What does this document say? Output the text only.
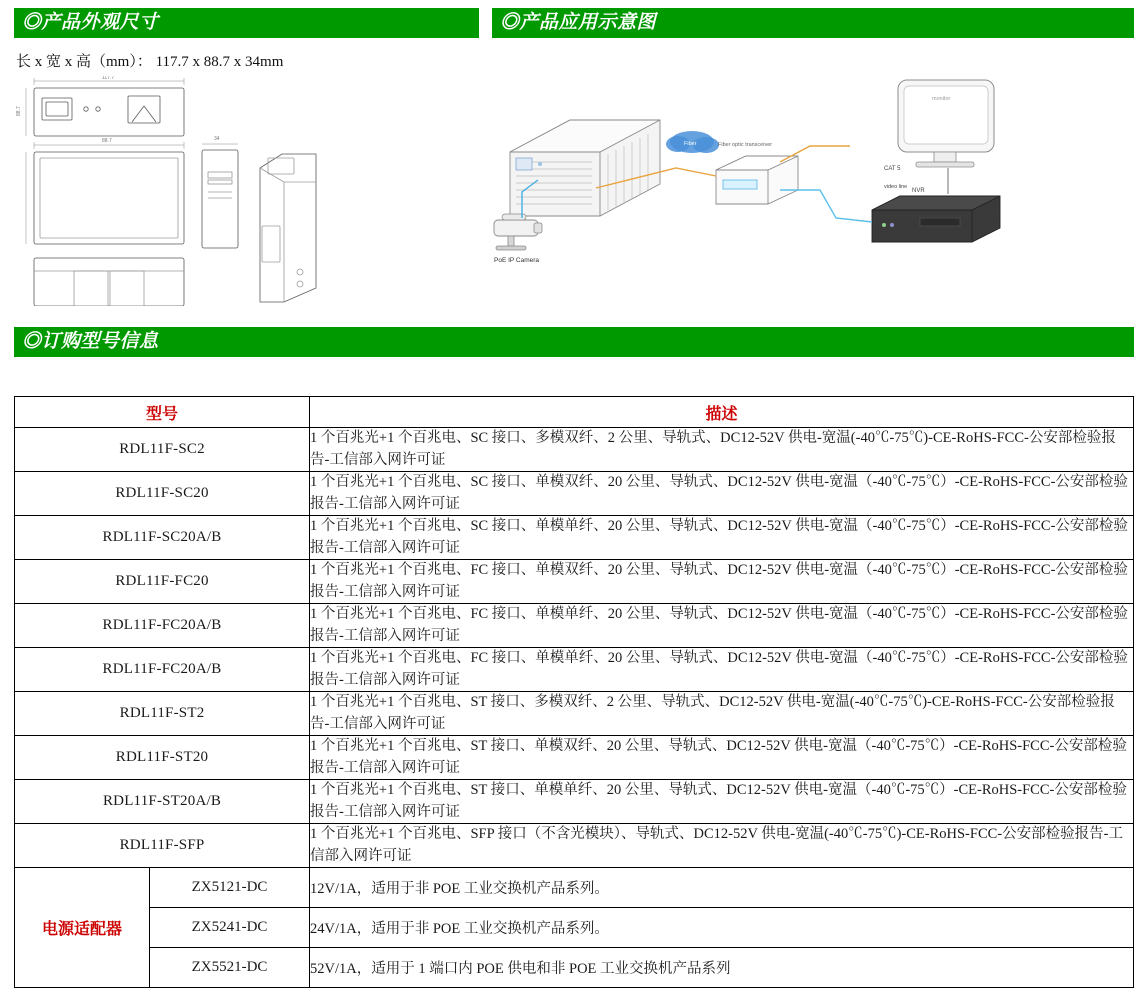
◎产品外观尺寸	◎产品应用示意图
长 x 宽 x 高（mm）： 117.7 x 88.7 x 34mm
117.7
88.7
34
88.7	Fiber
monitor
NVR
PoE IP Camera
Fiber optic transceiver
CAT 5
video line
◎订购型号信息
型号		描述
RDL11F-SC2		1 个百兆光+1 个百兆电、SC 接口、多模双纤、2 公里、导轨式、DC12-52V 供电-宽温(-40℃-75℃)-CE-RoHS-FCC-公安部检验报告-工信部入网许可证
RDL11F-SC20		1 个百兆光+1 个百兆电、SC 接口、单模双纤、20 公里、导轨式、DC12-52V 供电-宽温（-40℃-75℃）-CE-RoHS-FCC-公安部检验报告-工信部入网许可证
RDL11F-SC20A/B		1 个百兆光+1 个百兆电、SC 接口、单模单纤、20 公里、导轨式、DC12-52V 供电-宽温（-40℃-75℃）-CE-RoHS-FCC-公安部检验报告-工信部入网许可证
RDL11F-FC20		1 个百兆光+1 个百兆电、FC 接口、单模双纤、20 公里、导轨式、DC12-52V 供电-宽温（-40℃-75℃）-CE-RoHS-FCC-公安部检验报告-工信部入网许可证
RDL11F-FC20A/B		1 个百兆光+1 个百兆电、FC 接口、单模单纤、20 公里、导轨式、DC12-52V 供电-宽温（-40℃-75℃）-CE-RoHS-FCC-公安部检验报告-工信部入网许可证
RDL11F-FC20A/B		1 个百兆光+1 个百兆电、FC 接口、单模单纤、20 公里、导轨式、DC12-52V 供电-宽温（-40℃-75℃）-CE-RoHS-FCC-公安部检验报告-工信部入网许可证
RDL11F-ST2		1 个百兆光+1 个百兆电、ST 接口、多模双纤、2 公里、导轨式、DC12-52V 供电-宽温(-40℃-75℃)-CE-RoHS-FCC-公安部检验报告-工信部入网许可证
RDL11F-ST20		1 个百兆光+1 个百兆电、ST 接口、单模双纤、20 公里、导轨式、DC12-52V 供电-宽温（-40℃-75℃）-CE-RoHS-FCC-公安部检验报告-工信部入网许可证
RDL11F-ST20A/B		1 个百兆光+1 个百兆电、ST 接口、单模单纤、20 公里、导轨式、DC12-52V 供电-宽温（-40℃-75℃）-CE-RoHS-FCC-公安部检验报告-工信部入网许可证
RDL11F-SFP		1 个百兆光+1 个百兆电、SFP 接口（不含光模块）、导轨式、DC12-52V 供电-宽温(-40℃-75℃)-CE-RoHS-FCC-公安部检验报告-工信部入网许可证
电源适配器	ZX5121-DC	12V/1A，适用于非 POE 工业交换机产品系列。
	ZX5241-DC	24V/1A，适用于非 POE 工业交换机产品系列。
	ZX5521-DC	52V/1A，适用于 1 端口内 POE 供电和非 POE 工业交换机产品系列
